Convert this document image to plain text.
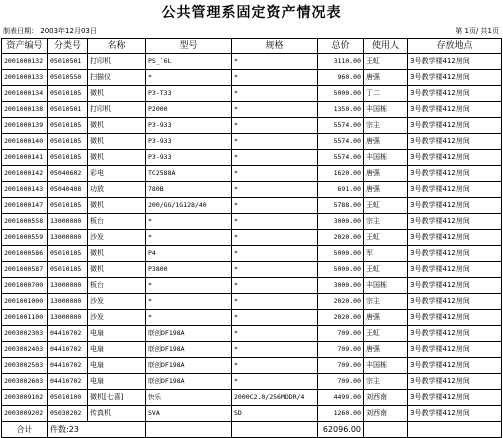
公共管理系固定资产情况表
制表日期： 2003年12月03日	第 1页/ 共1页
资产编号	分类号	名称	型号	规格	总价	使用人	存放地点
2001000132	05010501	打印机	PS_`6L	*	3110.00	王虹	3号教学楼412房间
2001000133	05010550	扫描仪	*	*	960.00	唐强	3号教学楼412房间
2001000134	05010105	微机	P3-T33	*	5000.00	丁二	3号教学楼412房间
2001000138	05010501	打印机	P2000	*	1350.00	丰国栋	3号教学楼412房间
2001000139	05010105	微机	P3-933	*	5574.00	宗主	3号教学楼412房间
2001000140	05010105	微机	P3-933	*	5574.00	唐强	3号教学楼412房间
2001000141	05010105	微机	P3-933	*	5574.00	丰国栋	3号教学楼412房间
2001000142	05040602	彩电	TC2588A	*	1620.00	唐强	3号教学楼412房间
2001000143	05040408	功放	780B	*	691.00	唐强	3号教学楼412房间
2001000147	05010105	微机	200/GG/1G128/40	*	5788.00	王虹	3号教学楼412房间
2001000558	13000000	板台	*	*	3000.00	宗主	3号教学楼412房间
2001000559	13000000	沙发	*	*	2020.00	王虹	3号教学楼412房间
2001000586	05010105	微机	P4	*	5000.00	军	3号教学楼412房间
2001000587	05010105	微机	P3800	*	5000.00	王虹	3号教学楼412房间
2001000700	13000000	板台	*	*	3000.00	丰国栋	3号教学楼412房间
2001001000	13000000	沙发	*	*	2020.00	宗主	3号教学楼412房间
2001001100	13000000	沙发	*	*	2020.00	唐强	3号教学楼412房间
2003002303	04410702	电扇	联创DF198A	*	709.00	王虹	3号教学楼412房间
2003002403	04410702	电扇	联创DF198A	*	709.00	唐强	3号教学楼412房间
2003002503	04410702	电扇	联创DF198A	*	709.00	丰国栋	3号教学楼412房间
2003002603	04410702	电扇	联创DF198A	*	709.00	宗主	3号教学楼412房间
2003009102	05010100	微机[七喜]	快乐	2000C2.0/256MDDR/4	4499.00	刘西南	3号教学楼412房间
2003009202	05030202	传真机	SVA	SD	1260.00	刘西南	3号教学楼412房间
合计	件数:23				62096.00		
